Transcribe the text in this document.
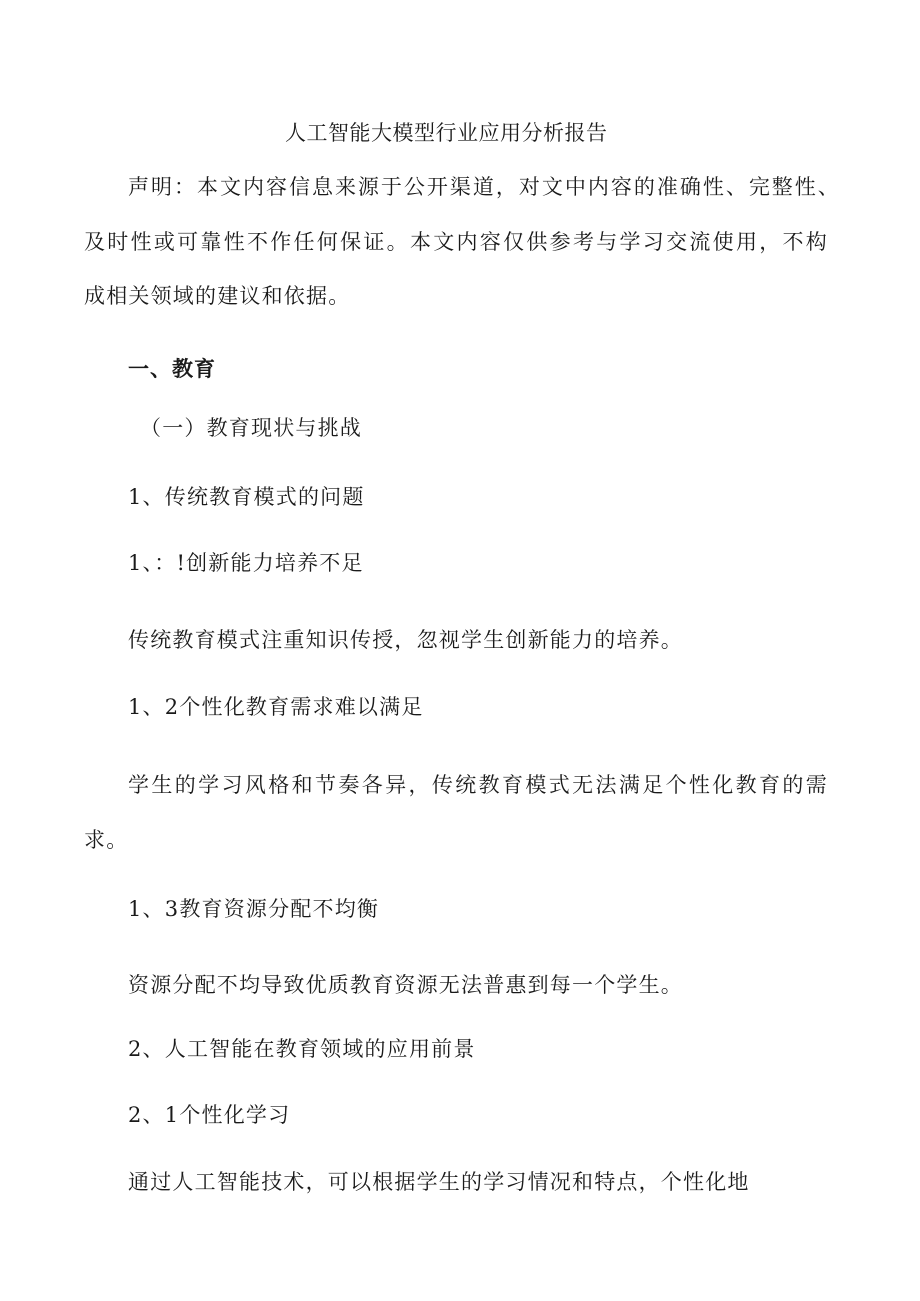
人工智能大模型行业应用分析报告
声明：本文内容信息来源于公开渠道，对文中内容的准确性、完整性、
及时性或可靠性不作任何保证。本文内容仅供参考与学习交流使用，不构
成相关领域的建议和依据。
一、教育
（一）教育现状与挑战
1、传统教育模式的问题
1、：!创新能力培养不足
传统教育模式注重知识传授，忽视学生创新能力的培养。
1、2个性化教育需求难以满足
学生的学习风格和节奏各异，传统教育模式无法满足个性化教育的需
求。
1、3教育资源分配不均衡
资源分配不均导致优质教育资源无法普惠到每一个学生。
2、人工智能在教育领域的应用前景
2、1个性化学习
通过人工智能技术，可以根据学生的学习情况和特点，个性化地
